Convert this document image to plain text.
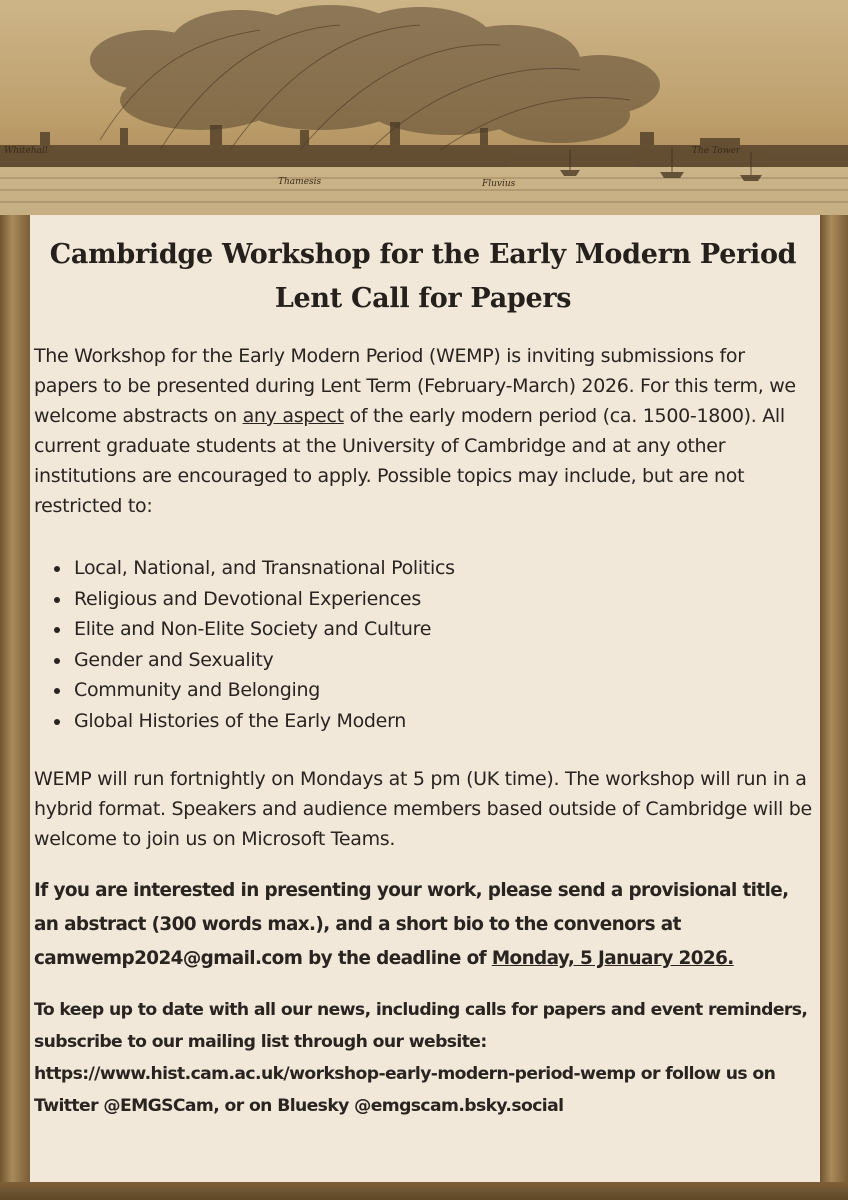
Whitehall
Thamesis	Fluvius
The Tower
Cambridge Workshop for the Early Modern Period
Lent Call for Papers

The Workshop for the Early Modern Period (WEMP) is inviting submissions for papers to be presented during Lent Term (February-March) 2026. For this term, we welcome abstracts on any aspect of the early modern period (ca. 1500-1800). All current graduate students at the University of Cambridge and at any other institutions are encouraged to apply. Possible topics may include, but are not restricted to:

• Local, National, and Transnational Politics
• Religious and Devotional Experiences
• Elite and Non-Elite Society and Culture
• Gender and Sexuality
• Community and Belonging
• Global Histories of the Early Modern

WEMP will run fortnightly on Mondays at 5 pm (UK time). The workshop will run in a hybrid format. Speakers and audience members based outside of Cambridge will be welcome to join us on Microsoft Teams.

If you are interested in presenting your work, please send a provisional title, an abstract (300 words max.), and a short bio to the convenors at camwemp2024@gmail.com by the deadline of Monday, 5 January 2026.

To keep up to date with all our news, including calls for papers and event reminders, subscribe to our mailing list through our website: https://www.hist.cam.ac.uk/workshop-early-modern-period-wemp or follow us on Twitter @EMGSCam, or on Bluesky @emgscam.bsky.social
